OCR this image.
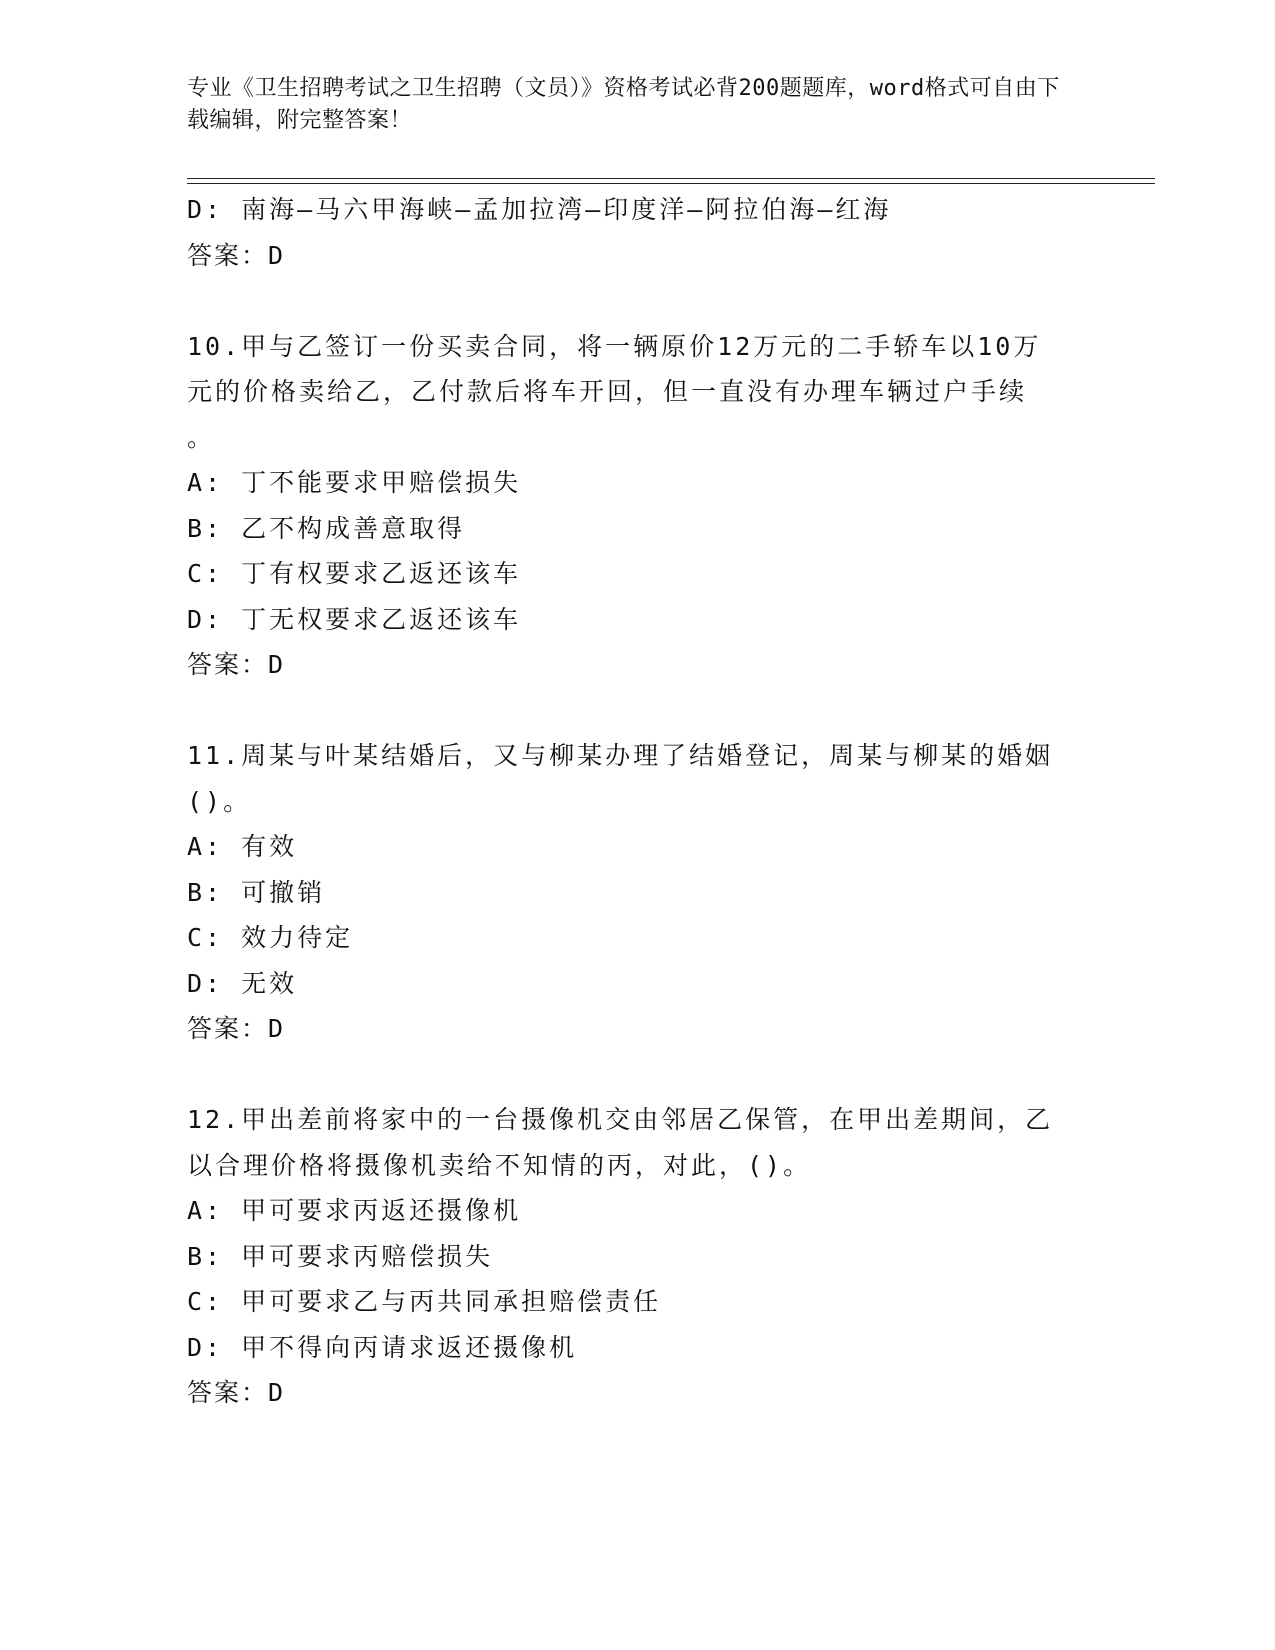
专业《卫生招聘考试之卫生招聘（文员）》资格考试必背200题题库，word格式可自由下载编辑，附完整答案！
D: 南海—马六甲海峡—孟加拉湾—印度洋—阿拉伯海—红海
答案：D
10.甲与乙签订一份买卖合同，将一辆原价12万元的二手轿车以10万
元的价格卖给乙，乙付款后将车开回，但一直没有办理车辆过户手续
。
A: 丁不能要求甲赔偿损失
B: 乙不构成善意取得
C: 丁有权要求乙返还该车
D: 丁无权要求乙返还该车
答案：D
11.周某与叶某结婚后，又与柳某办理了结婚登记，周某与柳某的婚姻
()。
A: 有效
B: 可撤销
C: 效力待定
D: 无效
答案：D
12.甲出差前将家中的一台摄像机交由邻居乙保管，在甲出差期间，乙
以合理价格将摄像机卖给不知情的丙，对此，()。
A: 甲可要求丙返还摄像机
B: 甲可要求丙赔偿损失
C: 甲可要求乙与丙共同承担赔偿责任
D: 甲不得向丙请求返还摄像机
答案：D
